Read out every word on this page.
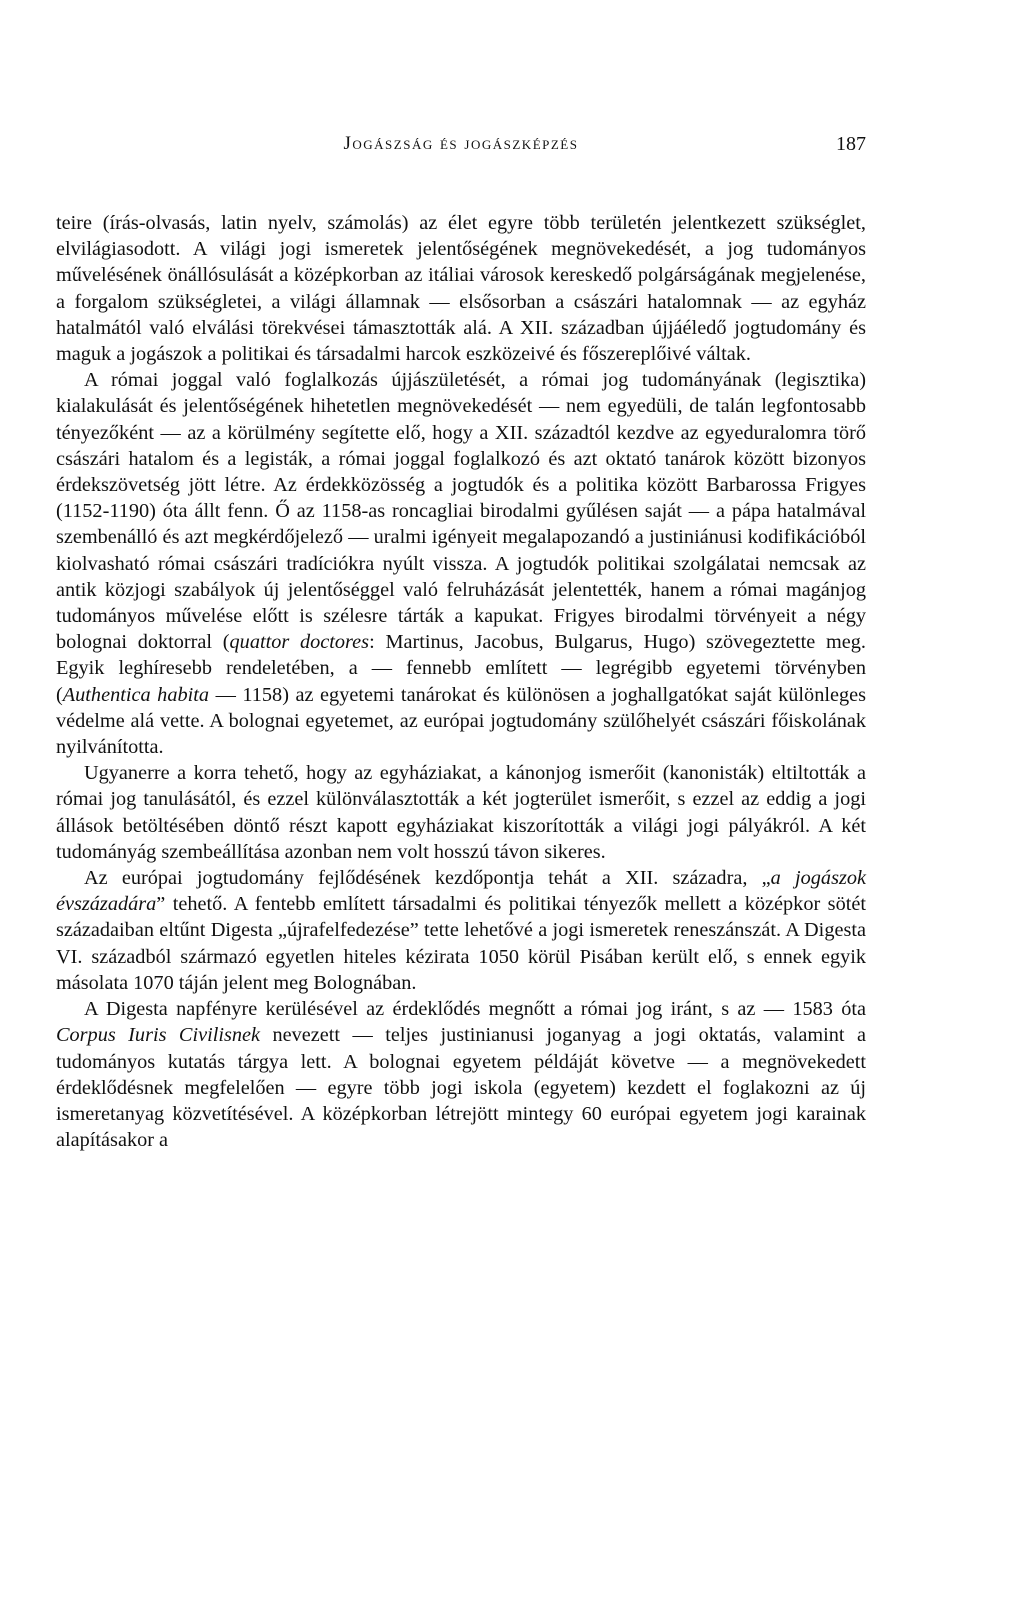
Jogászság és jogászképzés	187

teire (írás-olvasás, latin nyelv, számolás) az élet egyre több területén jelentkezett szükséglet, elvilágiasodott. A világi jogi ismeretek jelentőségének megnövekedését, a jog tudományos művelésének önállósulását a középkorban az itáliai városok kereskedő polgárságának megjelenése, a forgalom szükségletei, a világi államnak — elsősorban a császári hatalomnak — az egyház hatalmától való elválási törekvései támasztották alá. A XII. században újjáéledő jogtudomány és maguk a jogászok a politikai és társadalmi harcok eszközeivé és főszereplőivé váltak.

A római joggal való foglalkozás újjászületését, a római jog tudományának (legisztika) kialakulását és jelentőségének hihetetlen megnövekedését — nem egyedüli, de talán legfontosabb tényezőként — az a körülmény segítette elő, hogy a XII. századtól kezdve az egyeduralomra törő császári hatalom és a legisták, a római joggal foglalkozó és azt oktató tanárok között bizonyos érdekszövetség jött létre. Az érdekközösség a jogtudók és a politika között Barbarossa Frigyes (1152-1190) óta állt fenn. Ő az 1158-as roncagliai birodalmi gyűlésen saját — a pápa hatalmával szembenálló és azt megkérdőjelező — uralmi igényeit megalapozandó a justiniánusi kodifikációból kiolvasható római császári tradíciókra nyúlt vissza. A jogtudók politikai szolgálatai nemcsak az antik közjogi szabályok új jelentőséggel való felruházását jelentették, hanem a római magánjog tudományos művelése előtt is szélesre tárták a kapukat. Frigyes birodalmi törvényeit a négy bolognai doktorral (quattor doctores: Martinus, Jacobus, Bulgarus, Hugo) szövegeztette meg. Egyik leghíresebb rendeletében, a — fennebb említett — legrégibb egyetemi törvényben (Authentica habita — 1158) az egyetemi tanárokat és különösen a joghallgatókat saját különleges védelme alá vette. A bolognai egyetemet, az európai jogtudomány szülőhelyét császári főiskolának nyilvánította.

Ugyanerre a korra tehető, hogy az egyháziakat, a kánonjog ismerőit (kanonisták) eltiltották a római jog tanulásától, és ezzel különválasztották a két jogterület ismerőit, s ezzel az eddig a jogi állások betöltésében döntő részt kapott egyháziakat kiszorították a világi jogi pályákról. A két tudományág szembeállítása azonban nem volt hosszú távon sikeres.

Az európai jogtudomány fejlődésének kezdőpontja tehát a XII. századra, „a jogászok évszázadára” tehető. A fentebb említett társadalmi és politikai tényezők mellett a középkor sötét századaiban eltűnt Digesta „újrafelfedezése” tette lehetővé a jogi ismeretek reneszánszát. A Digesta VI. századból származó egyetlen hiteles kézirata 1050 körül Pisában került elő, s ennek egyik másolata 1070 táján jelent meg Bolognában.

A Digesta napfényre kerülésével az érdeklődés megnőtt a római jog iránt, s az — 1583 óta Corpus Iuris Civilisnek nevezett — teljes justinianusi joganyag a jogi oktatás, valamint a tudományos kutatás tárgya lett. A bolognai egyetem példáját követve — a megnövekedett érdeklődésnek megfelelően — egyre több jogi iskola (egyetem) kezdett el foglakozni az új ismeretanyag közvetítésével. A középkorban létrejött mintegy 60 európai egyetem jogi karainak alapításakor a
